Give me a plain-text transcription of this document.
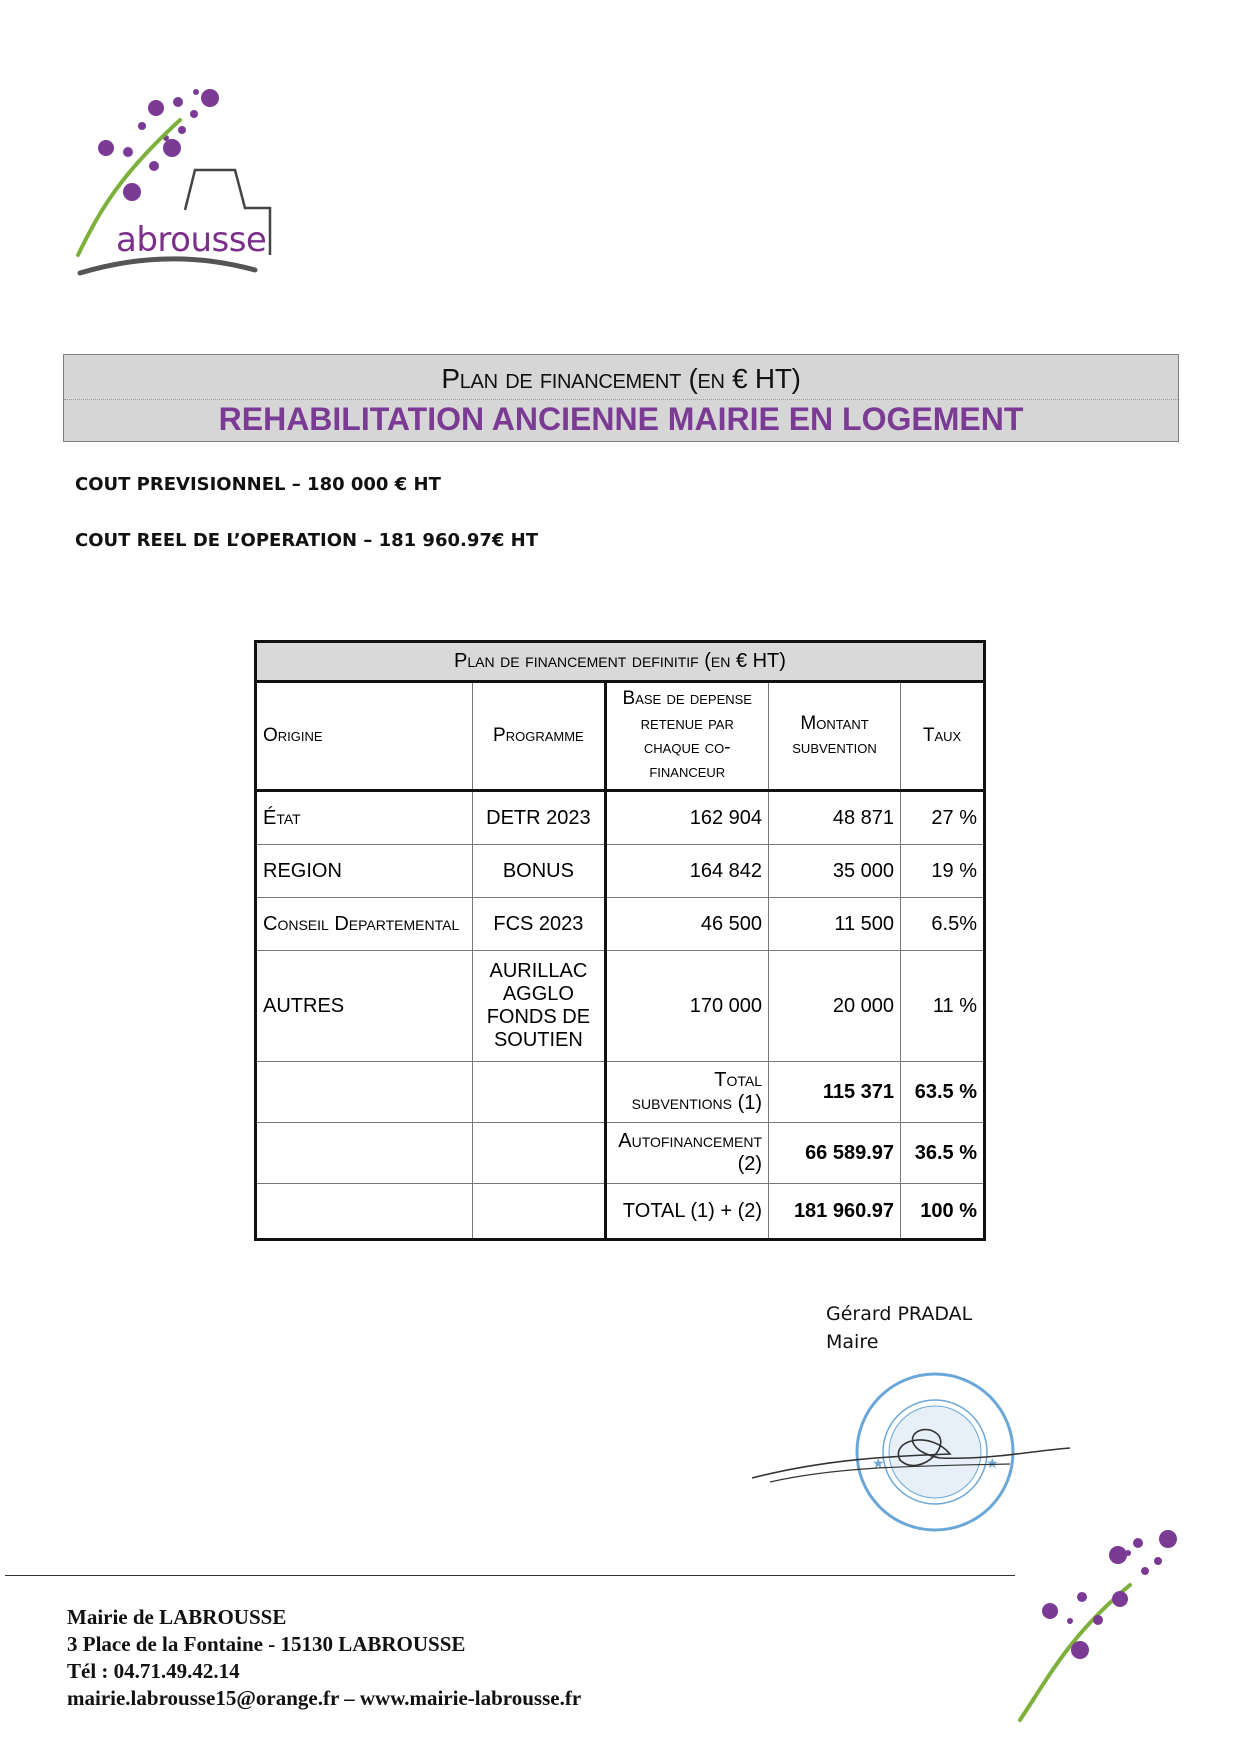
abrousse
Plan de financement (en € HT)
REHABILITATION ANCIENNE MAIRIE EN LOGEMENT
COUT PREVISIONNEL – 180 000 € HT
COUT REEL DE L’OPERATION – 181 960.97€ HT
Plan de financement definitif (en € HT)				
Origine	Programme	Base de depense retenue par chaque co-financeur	Montant subvention	Taux
État	DETR 2023	162 904	48 871	27 %
REGION	BONUS	164 842	35 000	19 %
Conseil Departemental	FCS 2023	46 500	11 500	6.5%
AUTRES	AURILLAC AGGLO FONDS DE SOUTIEN	170 000	20 000	11 %
		Total subventions (1)	115 371	63.5 %
		Autofinancement (2)	66 589.97	36.5 %
		TOTAL (1) + (2)	181 960.97	100 %
Gérard PRADAL
Maire
★	★
Mairie de LABROUSSE
3 Place de la Fontaine - 15130 LABROUSSE
Tél : 04.71.49.42.14
mairie.labrousse15@orange.fr – www.mairie-labrousse.fr
